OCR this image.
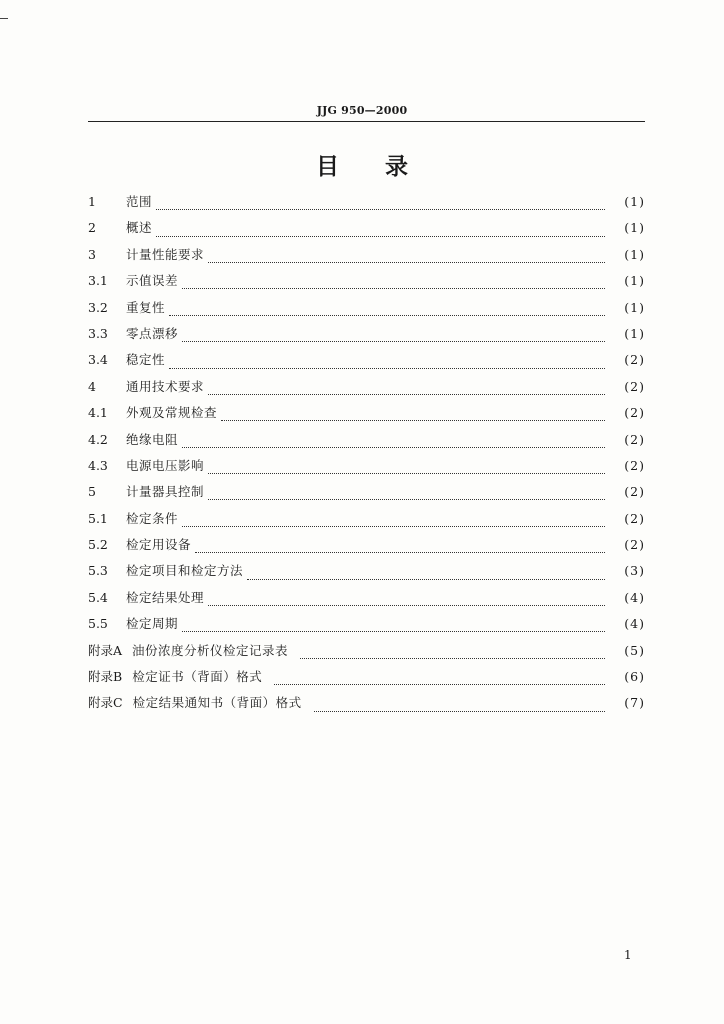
JJG 950—2000
目 录
1	范围	(1)
2	概述	(1)
3	计量性能要求	(1)
3.1	示值误差	(1)
3.2	重复性	(1)
3.3	零点漂移	(1)
3.4	稳定性	(2)
4	通用技术要求	(2)
4.1	外观及常规检查	(2)
4.2	绝缘电阻	(2)
4.3	电源电压影响	(2)
5	计量器具控制	(2)
5.1	检定条件	(2)
5.2	检定用设备	(2)
5.3	检定项目和检定方法	(3)
5.4	检定结果处理	(4)
5.5	检定周期	(4)
附录A 油份浓度分析仪检定记录表	(5)
附录B 检定证书（背面）格式	(6)
附录C 检定结果通知书（背面）格式	(7)
1
